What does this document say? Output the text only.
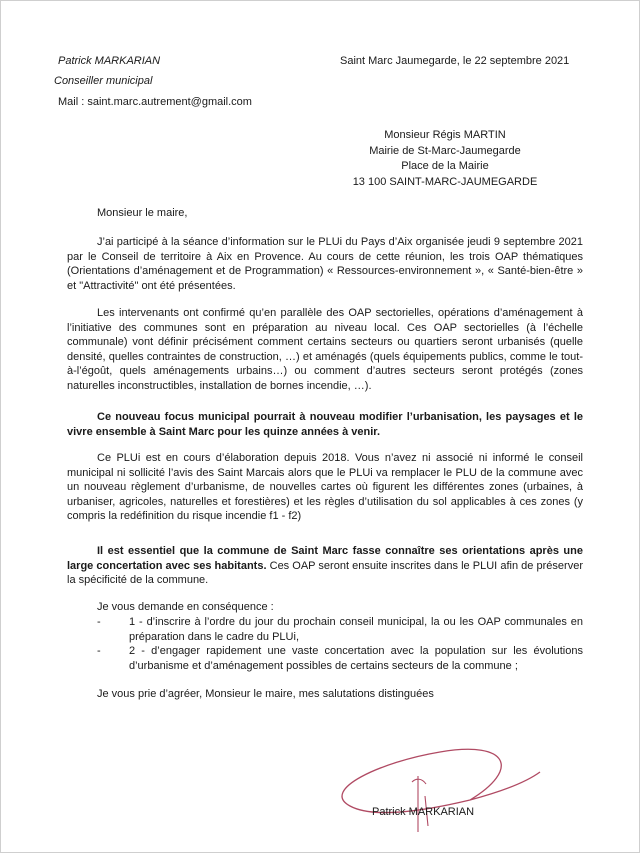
Patrick MARKARIAN
Conseiller municipal
Mail : saint.marc.autrement@gmail.com
Saint Marc Jaumegarde, le 22 septembre 2021
Monsieur Régis MARTIN
Mairie de St-Marc-Jaumegarde
Place de la Mairie
13 100 SAINT-MARC-JAUMEGARDE
Monsieur le maire,
J’ai participé à la séance d’information sur le PLUi du Pays d’Aix organisée jeudi 9 septembre 2021 par le Conseil de territoire à Aix en Provence. Au cours de cette réunion, les trois OAP thématiques (Orientations d’aménagement et de Programmation) « Ressources-environnement », « Santé-bien-être » et "Attractivité" ont été présentées.
Les intervenants ont confirmé qu’en parallèle des OAP sectorielles, opérations d’aménagement à l’initiative des communes sont en préparation au niveau local. Ces OAP sectorielles (à l’échelle communale) vont définir précisément comment certains secteurs ou quartiers seront urbanisés (quelle densité, quelles contraintes de construction, …) et aménagés (quels équipements publics, comme le tout-à-l’égoût, quels aménagements urbains…) ou comment d’autres secteurs seront protégés (zones naturelles inconstructibles, installation de bornes incendie, …).
Ce nouveau focus municipal pourrait à nouveau modifier l’urbanisation, les paysages et le vivre ensemble à Saint Marc pour les quinze années à venir.
Ce PLUi est en cours d’élaboration depuis 2018. Vous n’avez ni associé ni informé le conseil municipal ni sollicité l’avis des Saint Marcais alors que le PLUi va remplacer le PLU de la commune avec un nouveau règlement d’urbanisme, de nouvelles cartes où figurent les différentes zones (urbaines, à urbaniser, agricoles, naturelles et forestières) et les règles d’utilisation du sol applicables à ces zones (y compris la redéfinition du risque incendie f1 - f2)
Il est essentiel que la commune de Saint Marc fasse connaître ses orientations après une large concertation avec ses habitants. Ces OAP seront ensuite inscrites dans le PLUI afin de préserver la spécificité de la commune.
Je vous demande en conséquence :
-	1 - d’inscrire à l’ordre du jour du prochain conseil municipal, la ou les OAP communales en préparation dans le cadre du PLUi,
-	2 - d’engager rapidement une vaste concertation avec la population sur les évolutions d’urbanisme et d’aménagement possibles de certains secteurs de la commune ;
Je vous prie d’agréer, Monsieur le maire, mes salutations distinguées
Patrick MARKARIAN
